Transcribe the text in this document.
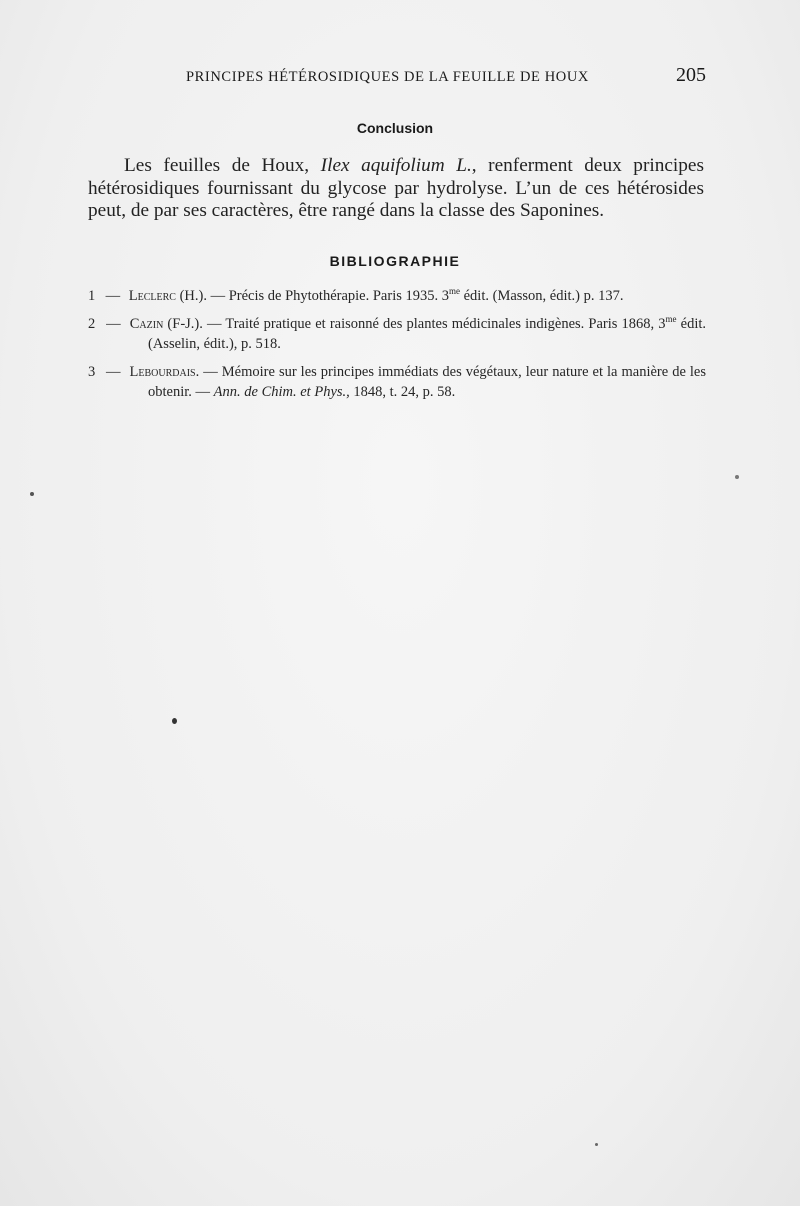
PRINCIPES HÉTÉROSIDIQUES DE LA FEUILLE DE HOUX	205
Conclusion

Les feuilles de Houx, Ilex aquifolium L., renferment deux principes hétérosidiques fournissant du glycose par hydrolyse. L’un de ces hétérosides peut, de par ses caractères, être rangé dans la classe des Saponines.

BIBLIOGRAPHIE
1 — Leclerc (H.). — Précis de Phytothérapie. Paris 1935. $3^{me}$ édit. (Masson, édit.) p. 137.
2 — Cazin (F-J.). — Traité pratique et raisonné des plantes médicinales indigènes. Paris 1868, $3^{me}$ édit. (Asselin, édit.), p. 518.
3 — Lebourdais. — Mémoire sur les principes immédiats des végétaux, leur nature et la manière de les obtenir. — Ann. de Chim. et Phys., 1848, t. 24, p. 58.
